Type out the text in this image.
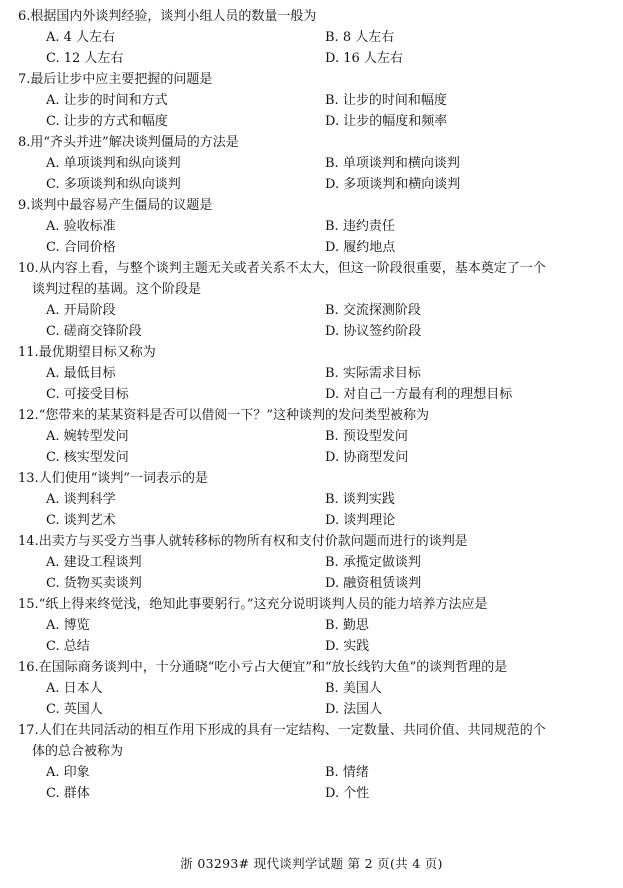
6.根据国内外谈判经验，谈判小组人员的数量一般为
A. 4 人左右	B. 8 人左右
C. 12 人左右	D. 16 人左右
7.最后让步中应主要把握的问题是
A. 让步的时间和方式	B. 让步的时间和幅度
C. 让步的方式和幅度	D. 让步的幅度和频率
8.用“齐头并进”解决谈判僵局的方法是
A. 单项谈判和纵向谈判	B. 单项谈判和横向谈判
C. 多项谈判和纵向谈判	D. 多项谈判和横向谈判
9.谈判中最容易产生僵局的议题是
A. 验收标准	B. 违约责任
C. 合同价格	D. 履约地点
10.从内容上看，与整个谈判主题无关或者关系不太大，但这一阶段很重要，基本奠定了一个
谈判过程的基调。这个阶段是
A. 开局阶段	B. 交流探测阶段
C. 磋商交锋阶段	D. 协议签约阶段
11.最优期望目标又称为
A. 最低目标	B. 实际需求目标
C. 可接受目标	D. 对自己一方最有利的理想目标
12.“您带来的某某资料是否可以借阅一下？”这种谈判的发问类型被称为
A. 婉转型发问	B. 预设型发问
C. 核实型发问	D. 协商型发问
13.人们使用“谈判”一词表示的是
A. 谈判科学	B. 谈判实践
C. 谈判艺术	D. 谈判理论
14.出卖方与买受方当事人就转移标的物所有权和支付价款问题而进行的谈判是
A. 建设工程谈判	B. 承揽定做谈判
C. 货物买卖谈判	D. 融资租赁谈判
15.“纸上得来终觉浅，绝知此事要躬行。”这充分说明谈判人员的能力培养方法应是
A. 博览	B. 勤思
C. 总结	D. 实践
16.在国际商务谈判中，十分通晓“吃小亏占大便宜”和“放长线钓大鱼”的谈判哲理的是
A. 日本人	B. 美国人
C. 英国人	D. 法国人
17.人们在共同活动的相互作用下形成的具有一定结构、一定数量、共同价值、共同规范的个
体的总合被称为
A. 印象	B. 情绪
C. 群体	D. 个性
浙 03293# 现代谈判学试题 第 2 页(共 4 页)
